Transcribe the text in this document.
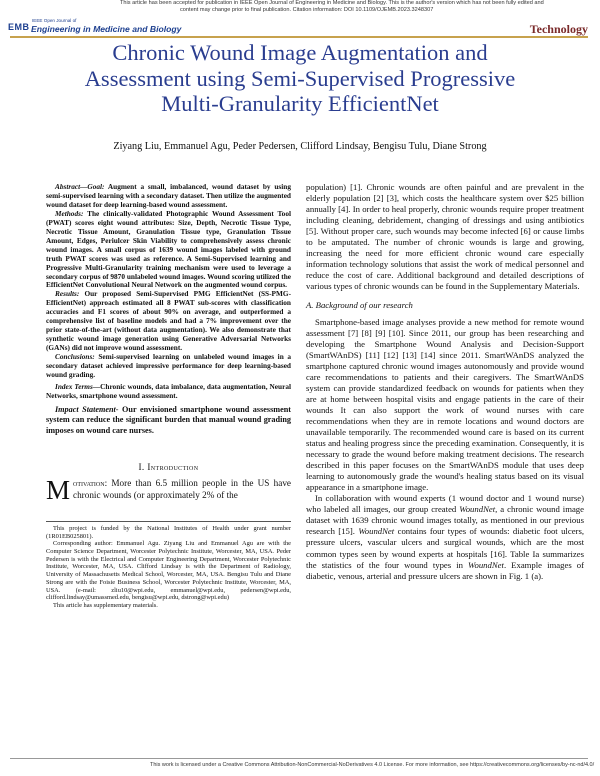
This article has been accepted for publication in IEEE Open Journal of Engineering in Medicine and Biology. This is the author's version which has not been fully edited and
content may change prior to final publication. Citation information: DOI 10.1109/OJEMB.2023.3248307
EMB
IEEE Open Journal of
Engineering in Medicine and Biology	Technology
Chronic Wound Image Augmentation and
Assessment using Semi-Supervised Progressive
Multi-Granularity EfficientNet
Ziyang Liu, Emmanuel Agu, Peder Pedersen, Clifford Lindsay, Bengisu Tulu, Diane Strong

Abstract—Goal: Augment a small, imbalanced, wound dataset by using semi-supervised learning with a secondary dataset. Then utilize the augmented wound dataset for deep learning-based wound assessment.

Methods: The clinically-validated Photographic Wound Assessment Tool (PWAT) scores eight wound attributes: Size, Depth, Necrotic Tissue Type, Necrotic Tissue Amount, Granulation Tissue type, Granulation Tissue Amount, Edges, Periulcer Skin Viability to comprehensively assess chronic wound images. A small corpus of 1639 wound images labeled with ground truth PWAT scores was used as reference. A Semi-Supervised learning and Progressive Multi-Granularity training mechanism were used to leverage a secondary corpus of 9870 unlabeled wound images. Wound scoring utilized the EfficientNet Convolutional Neural Network on the augmented wound corpus.

Results: Our proposed Semi-Supervised PMG EfficientNet (SS-PMG-EfficientNet) approach estimated all 8 PWAT sub-scores with classification accuracies and F1 scores of about 90% on average, and outperformed a comprehensive list of baseline models and had a 7% improvement over the prior state-of-the-art (without data augmentation). We also demonstrate that synthetic wound image generation using Generative Adversarial Networks (GANs) did not improve wound assessment.

Conclusions: Semi-supervised learning on unlabeled wound images in a secondary dataset achieved impressive performance for deep learning-based wound grading.

Index Terms—Chronic wounds, data imbalance, data augmentation, Neural Networks, smartphone wound assessment.

Impact Statement- Our envisioned smartphone wound assessment system can reduce the significant burden that manual wound grading imposes on wound care nurses.

I. Introduction

Motivation: More than 6.5 million people in the US have chronic wounds (or approximately 2% of the

This project is funded by the National Institutes of Health under grant number (1R01EB025801).

Corresponding author: Emmanuel Agu. Ziyang Liu and Emmanuel Agu are with the Computer Science Department, Worcester Polytechnic Institute, Worcester, MA, USA. Peder Pedersen is with the Electrical and Computer Engineering Department, Worcester Polytechnic Institute, Worcester, MA, USA. Clifford Lindsay is with the Department of Radiology, University of Massachusetts Medical School, Worcester, MA, USA. Bengisu Tulu and Diane Strong are with the Foisie Business School, Worcester Polytechnic Institute, Worcester, MA, USA. (e-mail: zliu10@wpi.edu, emmanuel@wpi.edu, pedersen@wpi.edu, clifford.lindsay@umassmed.edu, bengisu@wpi.edu, dstrong@wpi.edu)

This article has supplementary materials.

population) [1]. Chronic wounds are often painful and are prevalent in the elderly population [2] [3], which costs the healthcare system over $25 billion annually [4]. In order to heal properly, chronic wounds require proper treatment including cleaning, debridement, changing of dressings and using antibiotics [5]. Without proper care, such wounds may become infected [6] or cause limbs to be amputated. The number of chronic wounds is large and growing, increasing the need for more efficient chronic wound care especially information technology solutions that assist the work of medical personnel and reduce the cost of care. Additional background and detailed descriptions of various types of chronic wounds can be found in the Supplementary Materials.

A. Background of our research

Smartphone-based image analyses provide a new method for remote wound assessment [7] [8] [9] [10]. Since 2011, our group has been researching and developing the Smartphone Wound Analysis and Decision-Support (SmartWAnDS) [11] [12] [13] [14] since 2011. SmartWAnDS analyzed the smartphone captured chronic wound images autonomously and provide wound care recommendations to patients and their caregivers. The SmartWAnDS system can provide standardized feedback on wounds for patients when they are at home between hospital visits and engage patients in the care of their wounds It can also support the work of wound nurses with care recommendations when they are in remote locations and wound doctors are unavailable temporarily. The recommended wound care is based on its current status and healing progress since the preceding examination. Consequently, it is necessary to grade the wound before making treatment decisions. The research described in this paper focuses on the SmartWAnDS module that uses deep learning to autonomously grade the wound's healing status based on its visual appearance in a smartphone image.

In collaboration with wound experts (1 wound doctor and 1 wound nurse) who labeled all images, our group created WoundNet, a chronic wound image dataset with 1639 chronic wound images totally, as mentioned in our previous research [15]. WoundNet contains four types of wounds: diabetic foot ulcers, pressure ulcers, vascular ulcers and surgical wounds, which are the most common types seen by wound experts at hospitals [16]. Table Ia summarizes the statistics of the four wound types in WoundNet. Example images of diabetic, venous, arterial and pressure ulcers are shown in Fig. 1 (a).

This work is licensed under a Creative Commons Attribution-NonCommercial-NoDerivatives 4.0 License. For more information, see https://creativecommons.org/licenses/by-nc-nd/4.0/
